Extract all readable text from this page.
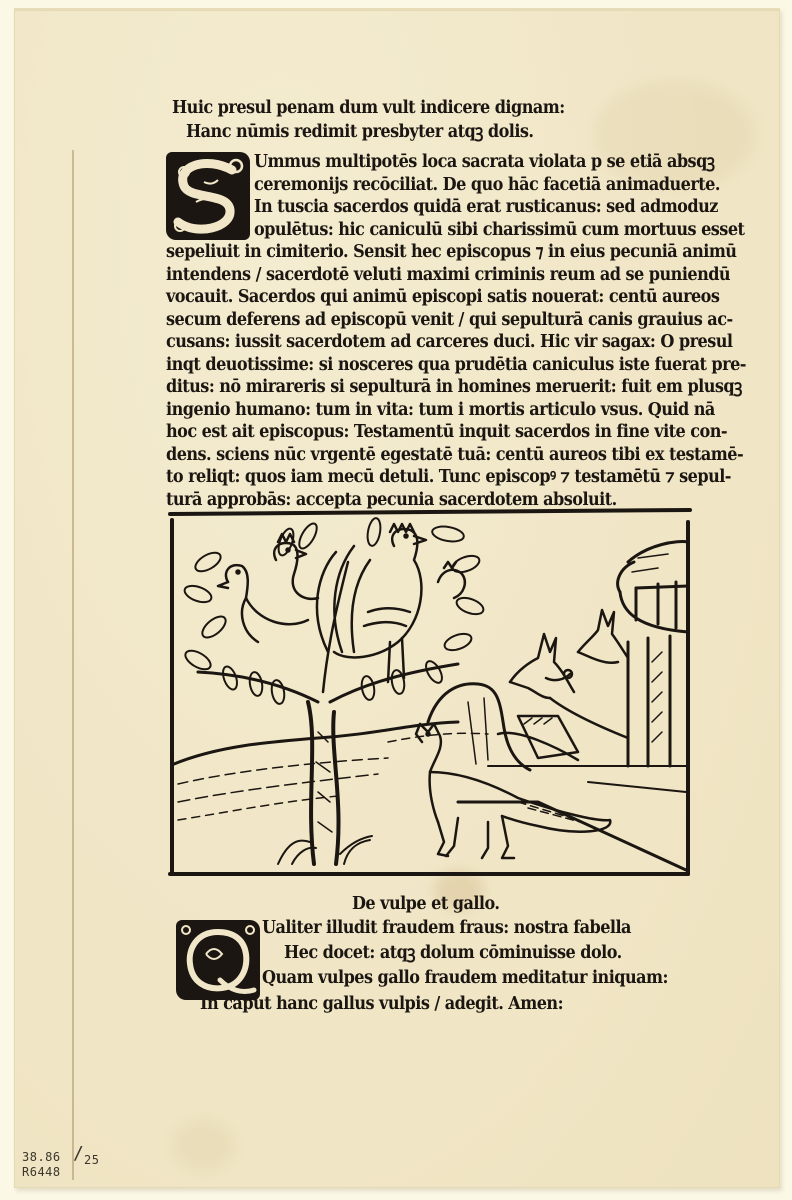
Huic presul penam dum vult indicere dignam:
Hanc nūmis redimit presbyter atqꝫ dolis.
Ummus multipotēs loca sacrata violata p se etiā absqꝫ
ceremonijs recōciliat. De quo hāc facetiā animaduerte.
In tuscia sacerdos quidā erat rusticanus: sed admoduz
opulētus: hic caniculū sibi charissimū cum mortuus esset
sepeliuit in cimiterio. Sensit hec episcopus ⁊ in eius pecuniā animū
intendens / sacerdotē veluti maximi criminis reum ad se puniendū
vocauit. Sacerdos qui animū episcopi satis nouerat: centū aureos
secum deferens ad episcopū venit / qui sepulturā canis grauius ac-
cusans: iussit sacerdotem ad carceres duci. Hic vir sagax: O presul
inqt deuotissime: si nosceres qua prudētia caniculus iste fuerat pre-
ditus: nō mirareris si sepulturā in homines meruerit: fuit em plusqꝫ
ingenio humano: tum in vita: tum i mortis articulo vsus. Quid nā
hoc est ait episcopus: Testamentū inquit sacerdos in fine vite con-
dens. sciens nūc vrgentē egestatē tuā: centū aureos tibi ex testamē-
to reliqt: quos iam mecū detuli. Tunc episcopꝰ ⁊ testamētū ⁊ sepul-
turā approbās: accepta pecunia sacerdotem absoluit.
De vulpe et gallo.
Ualiter illudit fraudem fraus: nostra fabella
Hec docet: atqꝫ dolum cōminuisse dolo.
Quam vulpes gallo fraudem meditatur iniquam:
In caput hanc gallus vulpis / adegit. Amen:
38.86
R6448
/ 25
